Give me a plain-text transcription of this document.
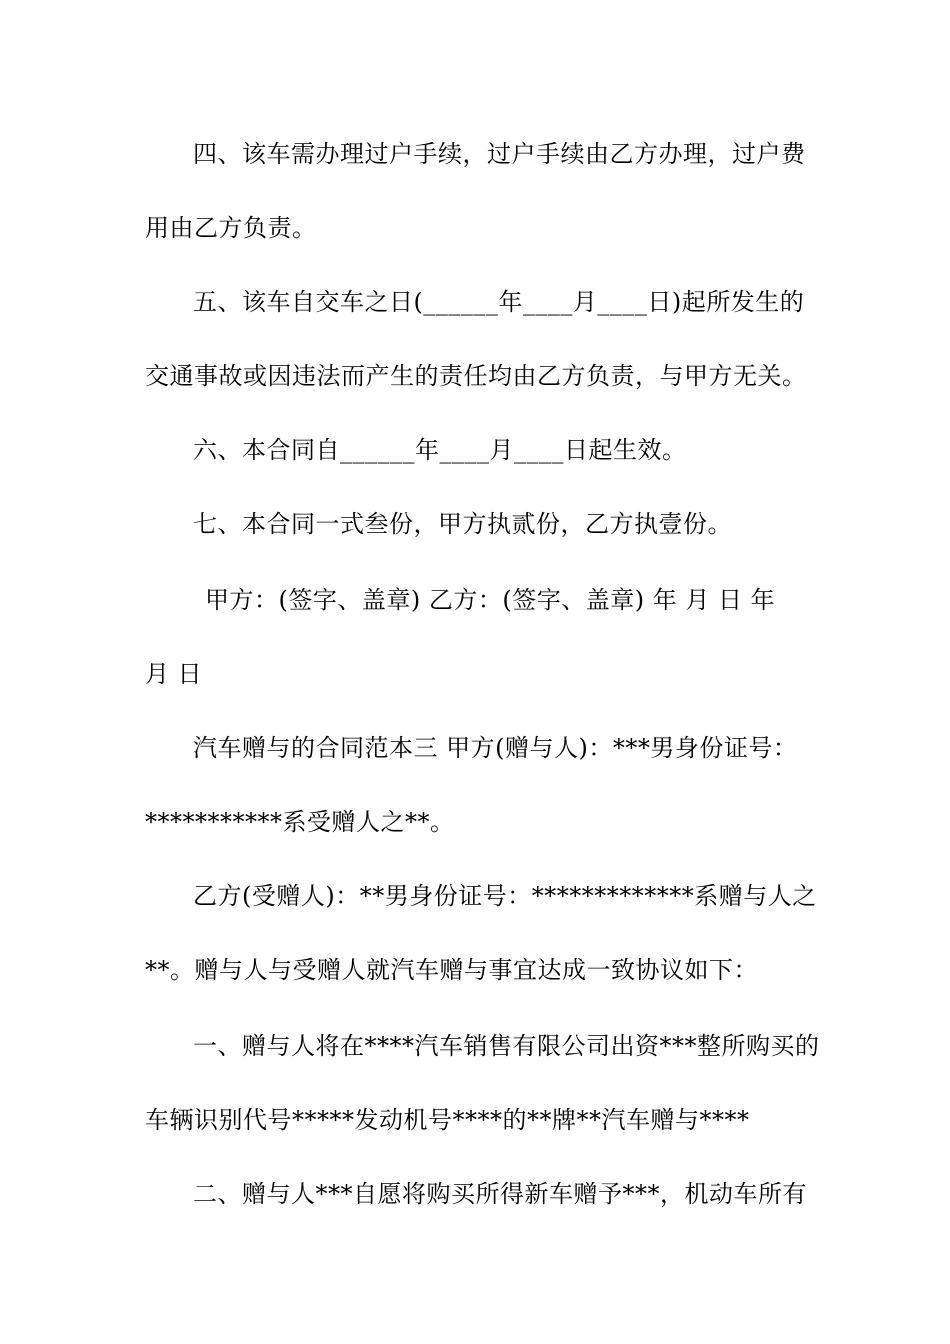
四、该车需办理过户手续，过户手续由乙方办理，过户费
用由乙方负责。
五、该车自交车之日(______年____月____日)起所发生的
交通事故或因违法而产生的责任均由乙方负责，与甲方无关。
六、本合同自______年____月____日起生效。
七、本合同一式叁份，甲方执贰份，乙方执壹份。
甲方：(签字、盖章) 乙方：(签字、盖章) 年 月 日 年
月 日
汽车赠与的合同范本三 甲方(赠与人)：***男身份证号：
***********系受赠人之**。
乙方(受赠人)：**男身份证号：*************系赠与人之
**。赠与人与受赠人就汽车赠与事宜达成一致协议如下：
一、赠与人将在****汽车销售有限公司出资***整所购买的
车辆识别代号*****发动机号****的**牌**汽车赠与****
二、赠与人***自愿将购买所得新车赠予***，机动车所有
